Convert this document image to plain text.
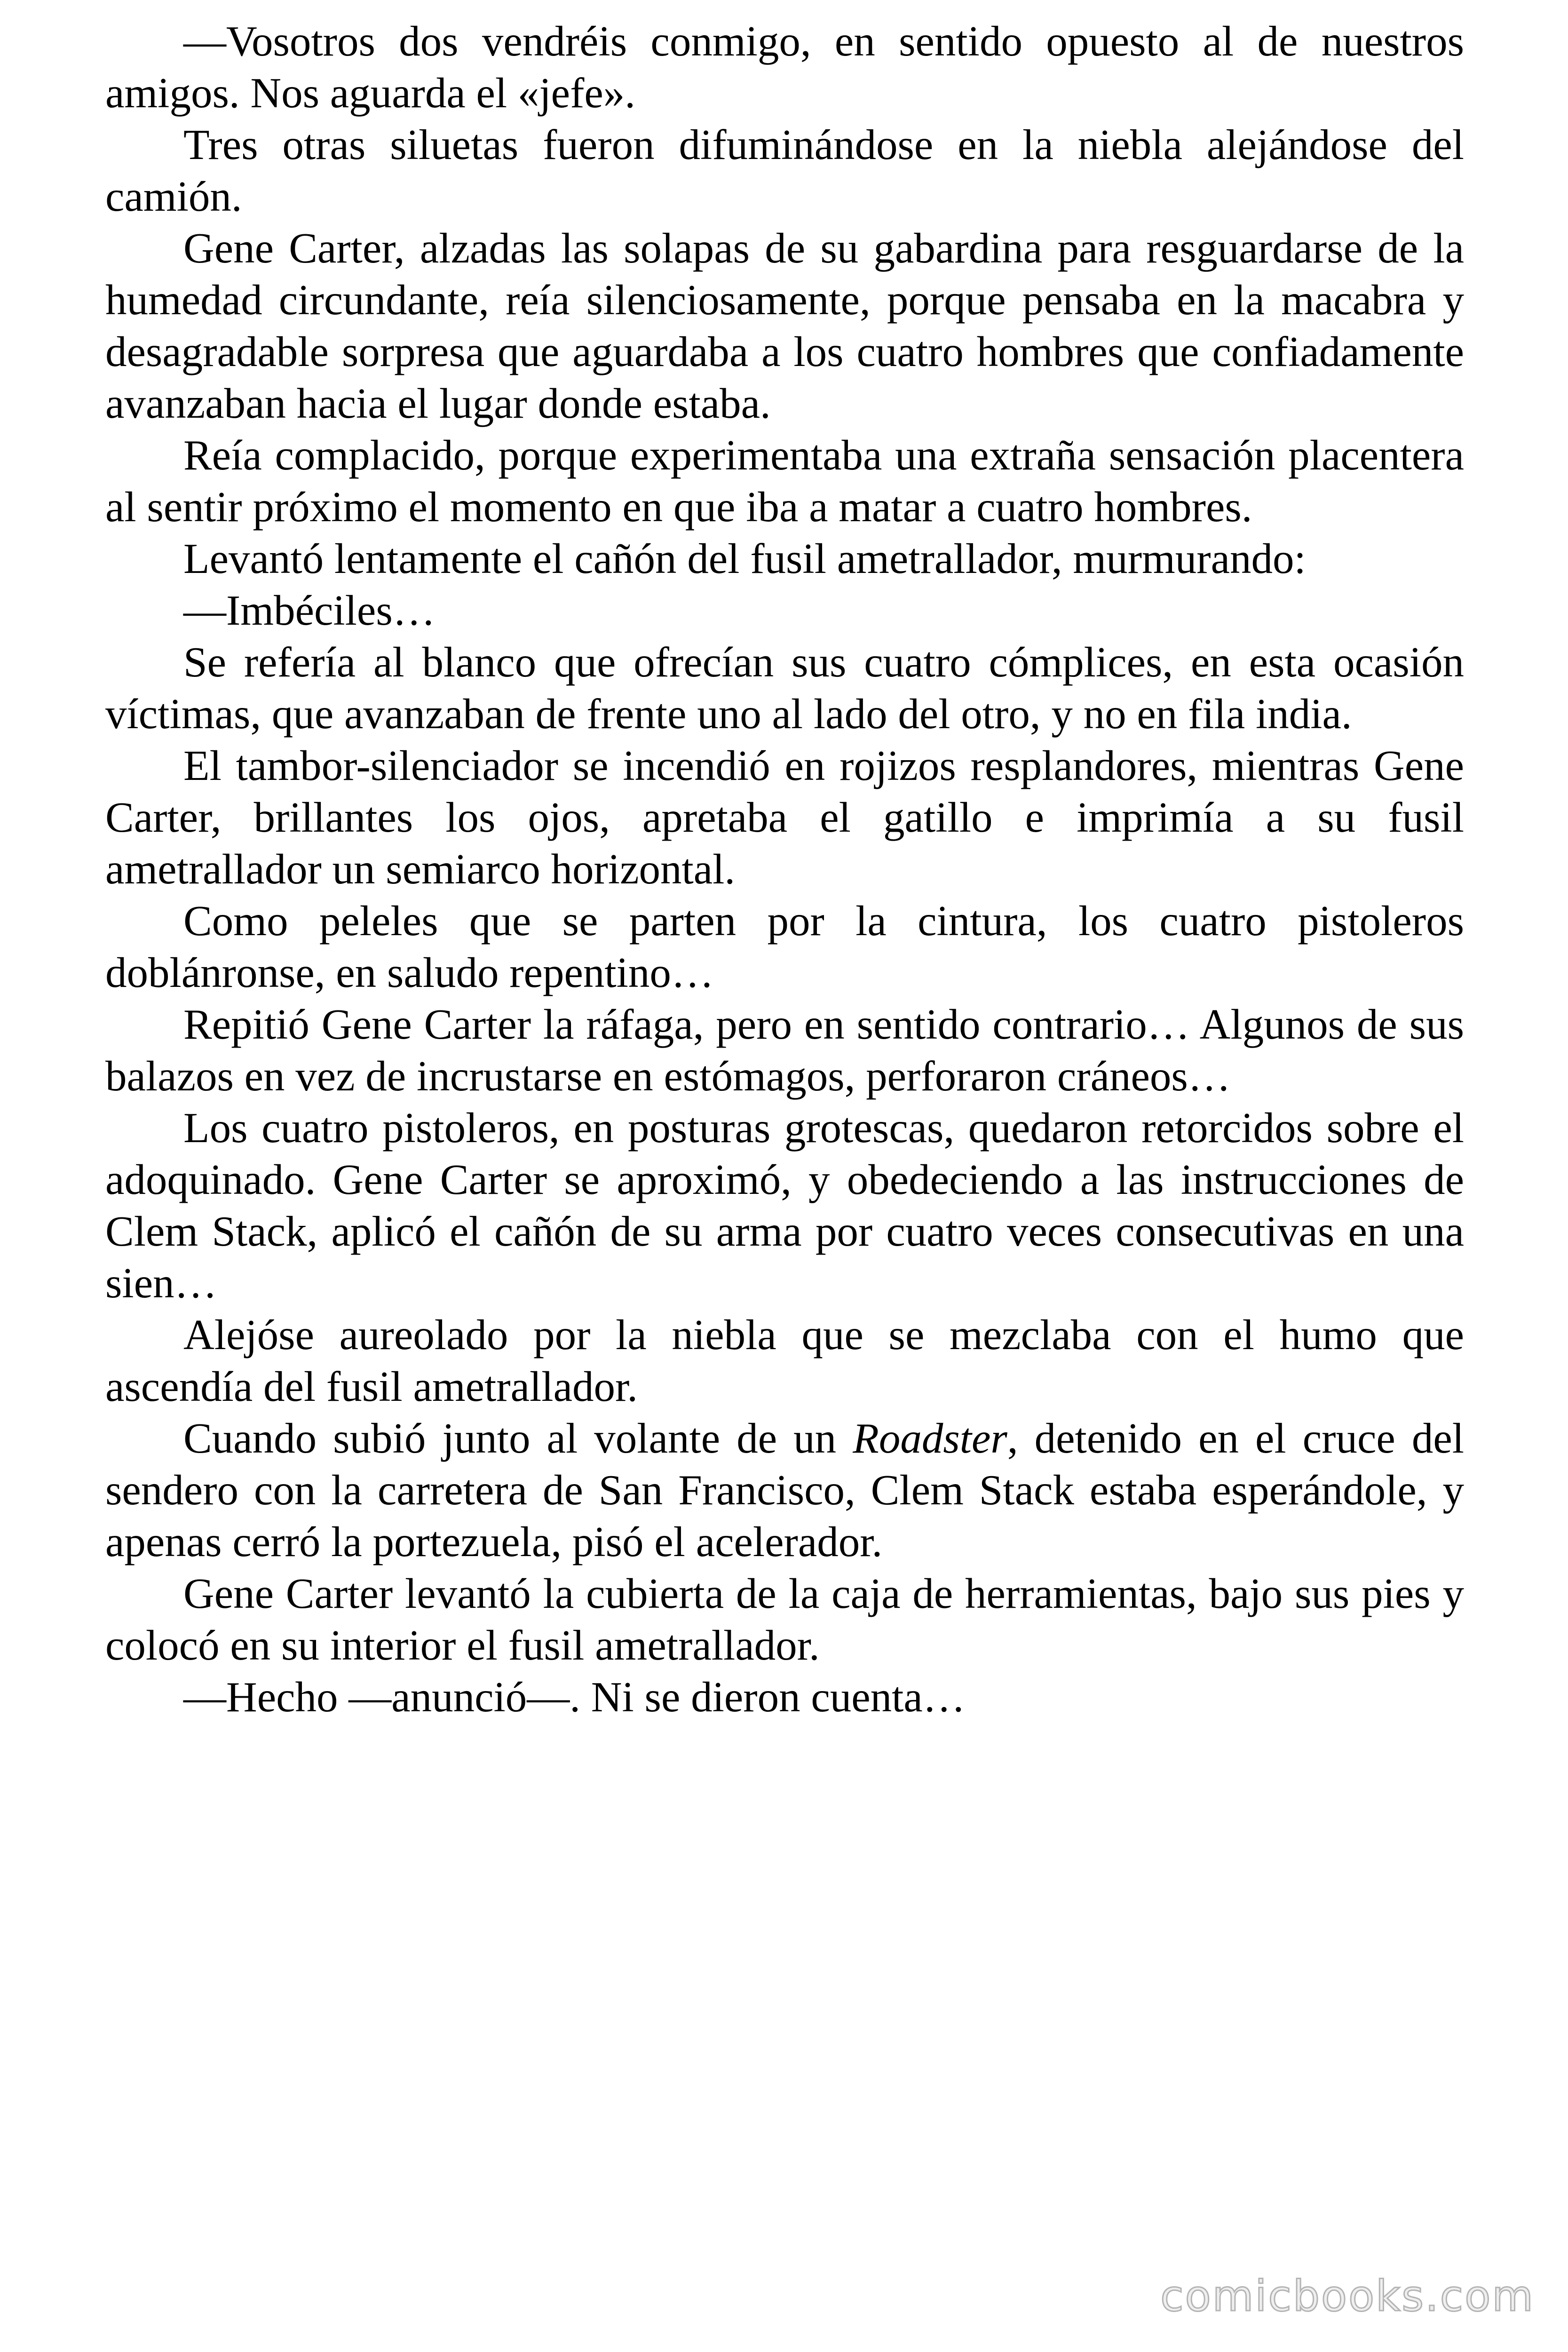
—Vosotros dos vendréis conmigo, en sentido opuesto al de nuestros
amigos. Nos aguarda el «jefe».
Tres otras siluetas fueron difuminándose en la niebla alejándose del
camión.
Gene Carter, alzadas las solapas de su gabardina para resguardarse de la
humedad circundante, reía silenciosamente, porque pensaba en la macabra y
desagradable sorpresa que aguardaba a los cuatro hombres que confiadamente
avanzaban hacia el lugar donde estaba.
Reía complacido, porque experimentaba una extraña sensación placentera
al sentir próximo el momento en que iba a matar a cuatro hombres.
Levantó lentamente el cañón del fusil ametrallador, murmurando:
—Imbéciles…
Se refería al blanco que ofrecían sus cuatro cómplices, en esta ocasión
víctimas, que avanzaban de frente uno al lado del otro, y no en fila india.
El tambor-silenciador se incendió en rojizos resplandores, mientras Gene
Carter, brillantes los ojos, apretaba el gatillo e imprimía a su fusil
ametrallador un semiarco horizontal.
Como peleles que se parten por la cintura, los cuatro pistoleros
doblánronse, en saludo repentino…
Repitió Gene Carter la ráfaga, pero en sentido contrario… Algunos de sus
balazos en vez de incrustarse en estómagos, perforaron cráneos…
Los cuatro pistoleros, en posturas grotescas, quedaron retorcidos sobre el
adoquinado. Gene Carter se aproximó, y obedeciendo a las instrucciones de
Clem Stack, aplicó el cañón de su arma por cuatro veces consecutivas en una
sien…
Alejóse aureolado por la niebla que se mezclaba con el humo que
ascendía del fusil ametrallador.
Cuando subió junto al volante de un Roadster, detenido en el cruce del
sendero con la carretera de San Francisco, Clem Stack estaba esperándole, y
apenas cerró la portezuela, pisó el acelerador.
Gene Carter levantó la cubierta de la caja de herramientas, bajo sus pies y
colocó en su interior el fusil ametrallador.
—Hecho —anunció—. Ni se dieron cuenta…
comicbooks.com
